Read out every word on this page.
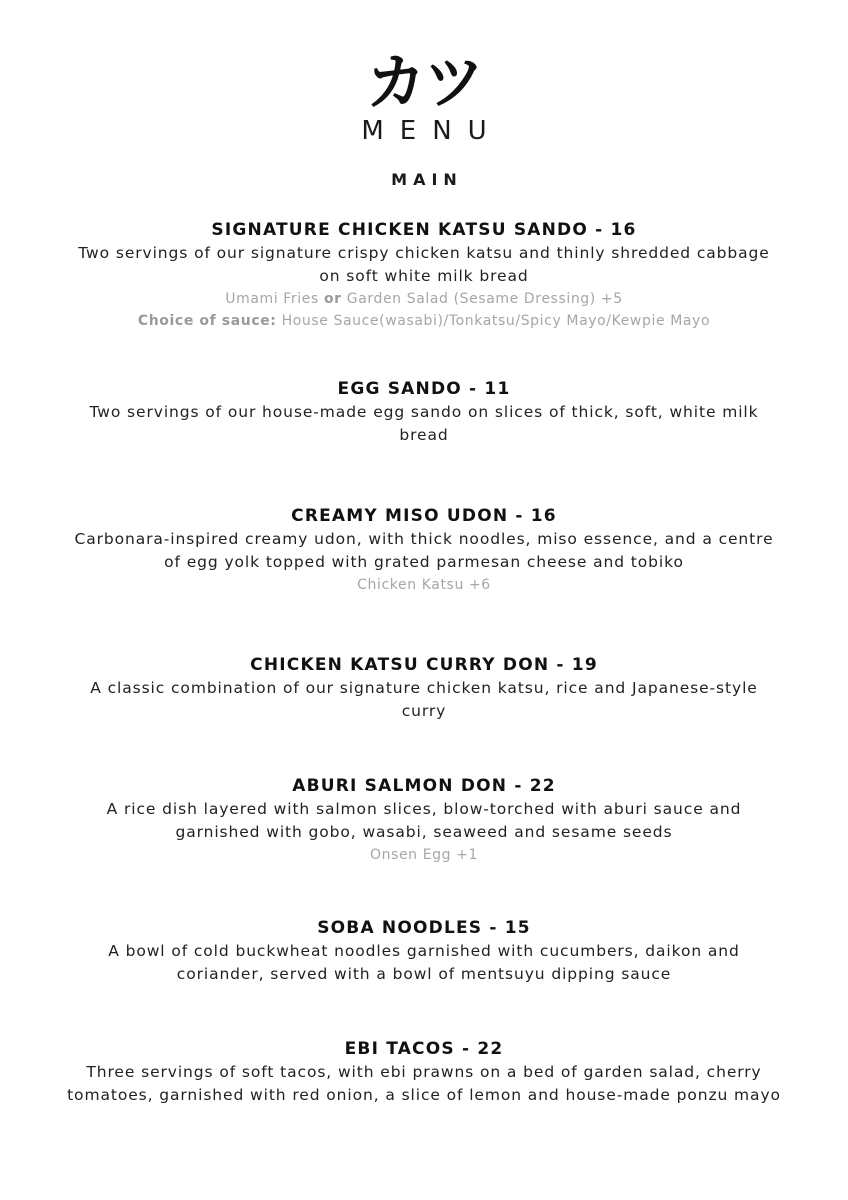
カツ
MENU
MAIN
SIGNATURE CHICKEN KATSU SANDO - 16
Two servings of our signature crispy chicken katsu and thinly shredded cabbage on soft white milk bread
Umami Fries or Garden Salad (Sesame Dressing) +5
Choice of sauce: House Sauce(wasabi)/Tonkatsu/Spicy Mayo/Kewpie Mayo
EGG SANDO - 11
Two servings of our house-made egg sando on slices of thick, soft, white milk bread
CREAMY MISO UDON - 16
Carbonara-inspired creamy udon, with thick noodles, miso essence, and a centre of egg yolk topped with grated parmesan cheese and tobiko
Chicken Katsu +6
CHICKEN KATSU CURRY DON - 19
A classic combination of our signature chicken katsu, rice and Japanese-style curry
ABURI SALMON DON - 22
A rice dish layered with salmon slices, blow-torched with aburi sauce and garnished with gobo, wasabi, seaweed and sesame seeds
Onsen Egg +1
SOBA NOODLES - 15
A bowl of cold buckwheat noodles garnished with cucumbers, daikon and coriander, served with a bowl of mentsuyu dipping sauce
EBI TACOS - 22
Three servings of soft tacos, with ebi prawns on a bed of garden salad, cherry tomatoes, garnished with red onion, a slice of lemon and house-made ponzu mayo
